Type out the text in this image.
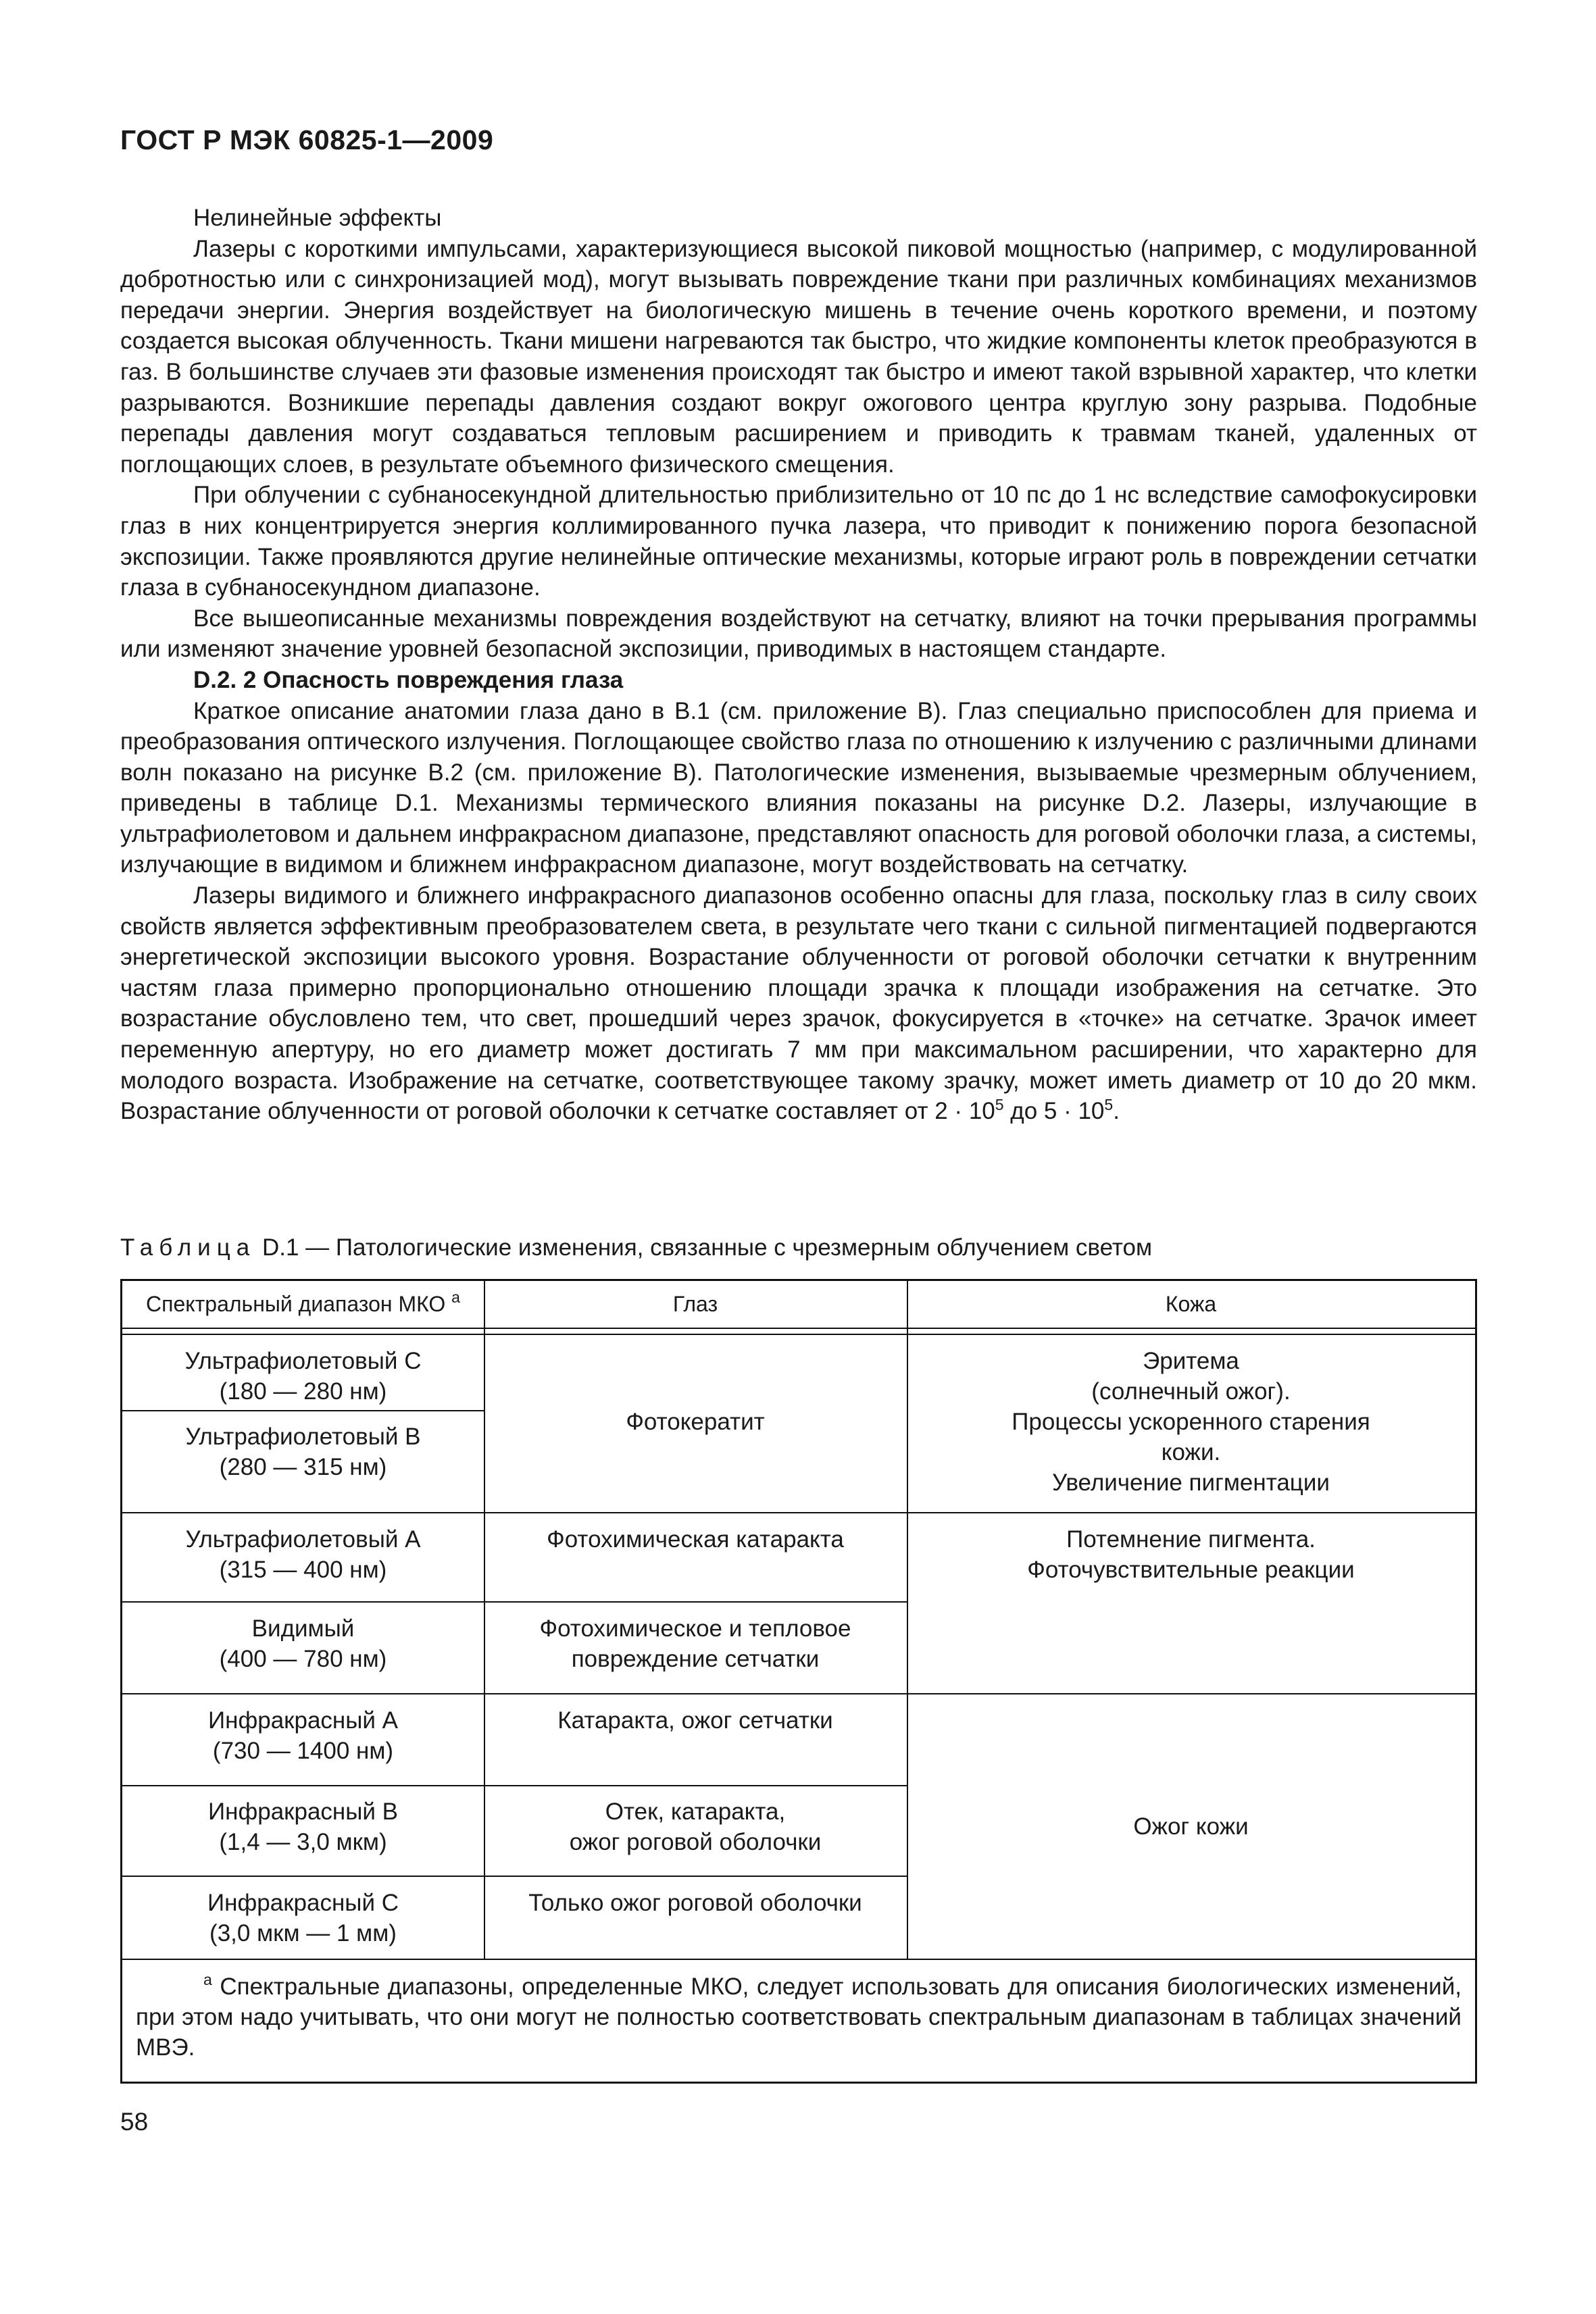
ГОСТ Р МЭК 60825-1—2009

Нелинейные эффекты

Лазеры с короткими импульсами, характеризующиеся высокой пиковой мощностью (например, с модулированной добротностью или с синхронизацией мод), могут вызывать повреждение ткани при различных комбинациях механизмов передачи энергии. Энергия воздействует на биологическую мишень в течение очень короткого времени, и поэтому создается высокая облученность. Ткани мишени нагреваются так быстро, что жидкие компоненты клеток преобразуются в газ. В большинстве случаев эти фазовые изменения происходят так быстро и имеют такой взрывной характер, что клетки разрываются. Возникшие перепады давления создают вокруг ожогового центра круглую зону разрыва. Подобные перепады давления могут создаваться тепловым расширением и приводить к травмам тканей, удаленных от поглощающих слоев, в результате объемного физического смещения.

При облучении с субнаносекундной длительностью приблизительно от 10 пс до 1 нс вследствие самофокусировки глаз в них концентрируется энергия коллимированного пучка лазера, что приводит к понижению порога безопасной экспозиции. Также проявляются другие нелинейные оптические механизмы, которые играют роль в повреждении сетчатки глаза в субнаносекундном диапазоне.

Все вышеописанные механизмы повреждения воздействуют на сетчатку, влияют на точки прерывания программы или изменяют значение уровней безопасной экспозиции, приводимых в настоящем стандарте.

D.2. 2 Опасность повреждения глаза

Краткое описание анатомии глаза дано в В.1 (см. приложение В). Глаз специально приспособлен для приема и преобразования оптического излучения. Поглощающее свойство глаза по отношению к излучению с различными длинами волн показано на рисунке В.2 (см. приложение В). Патологические изменения, вызываемые чрезмерным облучением, приведены в таблице D.1. Механизмы термического влияния показаны на рисунке D.2. Лазеры, излучающие в ультрафиолетовом и дальнем инфракрасном диапазоне, представляют опасность для роговой оболочки глаза, а системы, излучающие в видимом и ближнем инфракрасном диапазоне, могут воздействовать на сетчатку.

Лазеры видимого и ближнего инфракрасного диапазонов особенно опасны для глаза, поскольку глаз в силу своих свойств является эффективным преобразователем света, в результате чего ткани с сильной пигментацией подвергаются энергетической экспозиции высокого уровня. Возрастание облученности от роговой оболочки сетчатки к внутренним частям глаза примерно пропорционально отношению площади зрачка к площади изображения на сетчатке. Это возрастание обусловлено тем, что свет, прошедший через зрачок, фокусируется в «точке» на сетчатке. Зрачок имеет переменную апертуру, но его диаметр может достигать 7 мм при максимальном расширении, что характерно для молодого возраста. Изображение на сетчатке, соответствующее такому зрачку, может иметь диаметр от 10 до 20 мкм. Возрастание облученности от роговой оболочки к сетчатке составляет от $2 \cdot 10^5$ до $5 \cdot 10^5$.

Таблица D.1 — Патологические изменения, связанные с чрезмерным облучением светом
Спектральный диапазон МКО $^a$	Глаз	Кожа
Ультрафиолетовый С
(180 — 280 нм)
Ультрафиолетовый В
(280 — 315 нм)
Ультрафиолетовый А
(315 — 400 нм)
Видимый
(400 — 780 нм)
Инфракрасный А
(730 — 1400 нм)
Инфракрасный В
(1,4 — 3,0 мкм)
Инфракрасный С
(3,0 мкм — 1 мм)
Фотокератит
Фотохимическая катаракта
Фотохимическое и тепловое
повреждение сетчатки
Катаракта, ожог сетчатки
Отек, катаракта,
ожог роговой оболочки
Только ожог роговой оболочки
Эритема
(солнечный ожог).
Процессы ускоренного старения
кожи.
Увеличение пигментации
Потемнение пигмента.
Фоточувствительные реакции
Ожог кожи
$^a$ Спектральные диапазоны, определенные МКО, следует использовать для описания биологических изменений, при этом надо учитывать, что они могут не полностью соответствовать спектральным диапазонам в таблицах значений МВЭ.
58
